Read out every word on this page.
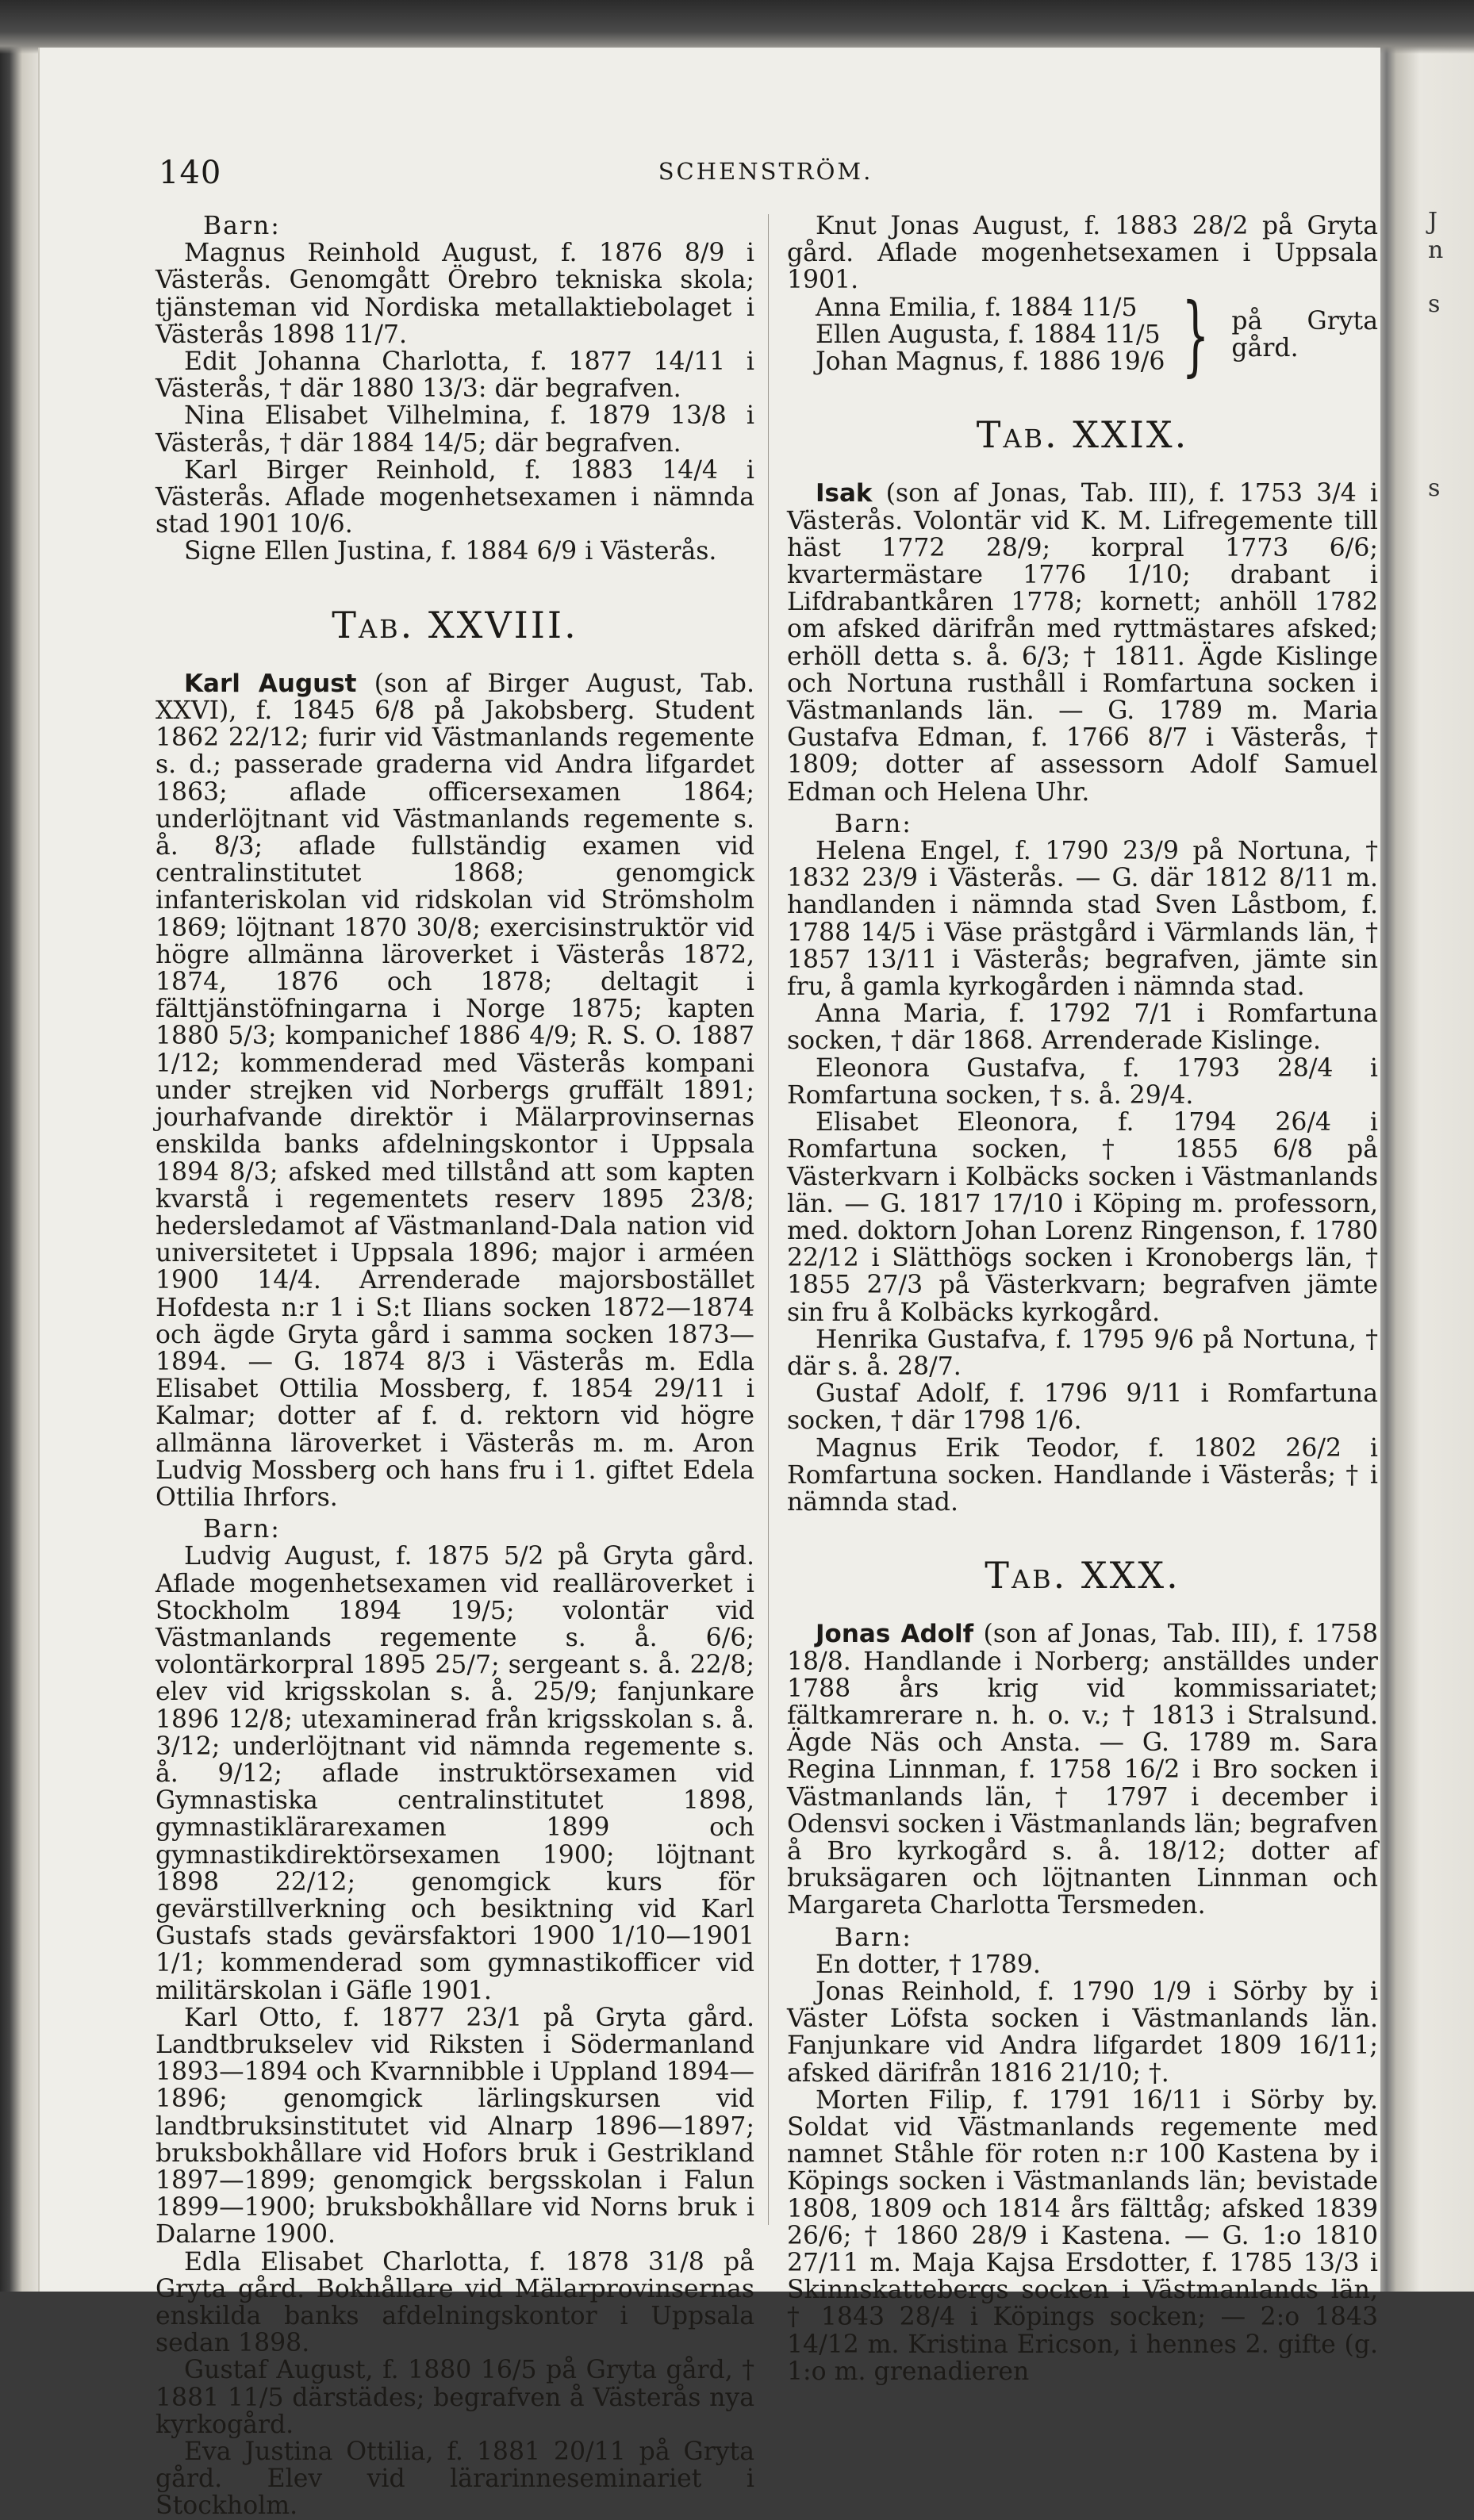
140	SCHENSTRÖM.

Barn:

Magnus Reinhold August, f. 1876 8/9 i Västerås. Genomgått Örebro tekniska skola; tjänsteman vid Nordiska metallaktiebolaget i Västerås 1898 11/7.

Edit Johanna Charlotta, f. 1877 14/11 i Västerås, † där 1880 13/3: där begrafven.

Nina Elisabet Vilhelmina, f. 1879 13/8 i Västerås, † där 1884 14/5; där begrafven.

Karl Birger Reinhold, f. 1883 14/4 i Västerås. Aflade mogenhetsexamen i nämnda stad 1901 10/6.

Signe Ellen Justina, f. 1884 6/9 i Västerås.

Tab. XXVIII.

Karl August (son af Birger August, Tab. XXVI), f. 1845 6/8 på Jakobsberg. Student 1862 22/12; furir vid Västmanlands regemente s. d.; passerade graderna vid Andra lifgardet 1863; aflade officersexamen 1864; underlöjtnant vid Västmanlands regemente s. å. 8/3; aflade fullständig examen vid centralinstitutet 1868; genomgick infanteriskolan vid ridskolan vid Strömsholm 1869; löjtnant 1870 30/8; exercisinstruktör vid högre allmänna läroverket i Västerås 1872, 1874, 1876 och 1878; deltagit i fälttjänstöfningarna i Norge 1875; kapten 1880 5/3; kompanichef 1886 4/9; R. S. O. 1887 1/12; kommenderad med Västerås kompani under strejken vid Norbergs gruffält 1891; jourhafvande direktör i Mälarprovinsernas enskilda banks afdelningskontor i Uppsala 1894 8/3; afsked med tillstånd att som kapten kvarstå i regementets reserv 1895 23/8; hedersledamot af Västmanland-Dala nation vid universitetet i Uppsala 1896; major i arméen 1900 14/4. Arrenderade majorsbostället Hofdesta n:r 1 i S:t Ilians socken 1872—1874 och ägde Gryta gård i samma socken 1873—1894. — G. 1874 8/3 i Västerås m. Edla Elisabet Ottilia Mossberg, f. 1854 29/11 i Kalmar; dotter af f. d. rektorn vid högre allmänna läroverket i Västerås m. m. Aron Ludvig Mossberg och hans fru i 1. giftet Edela Ottilia Ihrfors.

Barn:

Ludvig August, f. 1875 5/2 på Gryta gård. Aflade mogenhetsexamen vid realläroverket i Stockholm 1894 19/5; volontär vid Västmanlands regemente s. å. 6/6; volontärkorpral 1895 25/7; sergeant s. å. 22/8; elev vid krigsskolan s. å. 25/9; fanjunkare 1896 12/8; utexaminerad från krigsskolan s. å. 3/12; underlöjtnant vid nämnda regemente s. å. 9/12; aflade instruktörsexamen vid Gymnastiska centralinstitutet 1898, gymnastiklärarexamen 1899 och gymnastikdirektörsexamen 1900; löjtnant 1898 22/12; genomgick kurs för gevärstillverkning och besiktning vid Karl Gustafs stads gevärsfaktori 1900 1/10—1901 1/1; kommenderad som gymnastikofficer vid militärskolan i Gäfle 1901.

Karl Otto, f. 1877 23/1 på Gryta gård. Landtbrukselev vid Riksten i Södermanland 1893—1894 och Kvarnnibble i Uppland 1894—1896; genomgick lärlingskursen vid landtbruksinstitutet vid Alnarp 1896—1897; bruksbokhållare vid Hofors bruk i Gestrikland 1897—1899; genomgick bergsskolan i Falun 1899—1900; bruksbokhållare vid Norns bruk i Dalarne 1900.

Edla Elisabet Charlotta, f. 1878 31/8 på Gryta gård. Bokhållare vid Mälarprovinsernas enskilda banks afdelningskontor i Uppsala sedan 1898.

Gustaf August, f. 1880 16/5 på Gryta gård, † 1881 11/5 därstädes; begrafven å Västerås nya kyrkogård.

Eva Justina Ottilia, f. 1881 20/11 på Gryta gård. Elev vid lärarinneseminariet i Stockholm.

Knut Jonas August, f. 1883 28/2 på Gryta gård. Aflade mogenhetsexamen i Uppsala 1901.

Anna Emilia, f. 1884 11/5

Ellen Augusta, f. 1884 11/5

Johan Magnus, f. 1886 19/6 } på Gryta gård.
Tab. XXIX.

Isak (son af Jonas, Tab. III), f. 1753 3/4 i Västerås. Volontär vid K. M. Lifregemente till häst 1772 28/9; korpral 1773 6/6; kvartermästare 1776 1/10; drabant i Lifdrabantkåren 1778; kornett; anhöll 1782 om afsked därifrån med ryttmästares afsked; erhöll detta s. å. 6/3; † 1811. Ägde Kislinge och Nortuna rusthåll i Romfartuna socken i Västmanlands län. — G. 1789 m. Maria Gustafva Edman, f. 1766 8/7 i Västerås, † 1809; dotter af assessorn Adolf Samuel Edman och Helena Uhr.

Barn:

Helena Engel, f. 1790 23/9 på Nortuna, † 1832 23/9 i Västerås. — G. där 1812 8/11 m. handlanden i nämnda stad Sven Låstbom, f. 1788 14/5 i Väse prästgård i Värmlands län, † 1857 13/11 i Västerås; begrafven, jämte sin fru, å gamla kyrkogården i nämnda stad.

Anna Maria, f. 1792 7/1 i Romfartuna socken, † där 1868. Arrenderade Kislinge.

Eleonora Gustafva, f. 1793 28/4 i Romfartuna socken, † s. å. 29/4.

Elisabet Eleonora, f. 1794 26/4 i Romfartuna socken, † 1855 6/8 på Västerkvarn i Kolbäcks socken i Västmanlands län. — G. 1817 17/10 i Köping m. professorn, med. doktorn Johan Lorenz Ringenson, f. 1780 22/12 i Slätthögs socken i Kronobergs län, † 1855 27/3 på Västerkvarn; begrafven jämte sin fru å Kolbäcks kyrkogård.

Henrika Gustafva, f. 1795 9/6 på Nortuna, † där s. å. 28/7.

Gustaf Adolf, f. 1796 9/11 i Romfartuna socken, † där 1798 1/6.

Magnus Erik Teodor, f. 1802 26/2 i Romfartuna socken. Handlande i Västerås; † i nämnda stad.

Tab. XXX.

Jonas Adolf (son af Jonas, Tab. III), f. 1758 18/8. Handlande i Norberg; anställdes under 1788 års krig vid kommissariatet; fältkamrerare n. h. o. v.; † 1813 i Stralsund. Ägde Näs och Ansta. — G. 1789 m. Sara Regina Linnman, f. 1758 16/2 i Bro socken i Västmanlands län, † 1797 i december i Odensvi socken i Västmanlands län; begrafven å Bro kyrkogård s. å. 18/12; dotter af bruksägaren och löjtnanten Linnman och Margareta Charlotta Tersmeden.

Barn:

En dotter, † 1789.

Jonas Reinhold, f. 1790 1/9 i Sörby by i Väster Löfsta socken i Västmanlands län. Fanjunkare vid Andra lifgardet 1809 16/11; afsked därifrån 1816 21/10; †.

Morten Filip, f. 1791 16/11 i Sörby by. Soldat vid Västmanlands regemente med namnet Ståhle för roten n:r 100 Kastena by i Köpings socken i Västmanlands län; bevistade 1808, 1809 och 1814 års fälttåg; afsked 1839 26/6; † 1860 28/9 i Kastena. — G. 1:o 1810 27/11 m. Maja Kajsa Ersdotter, f. 1785 13/3 i Skinnskattebergs socken i Västmanlands län, † 1843 28/4 i Köpings socken; — 2:o 1843 14/12 m. Kristina Ericson, i hennes 2. gifte (g. 1:o m. grenadieren

J
n
s
s
